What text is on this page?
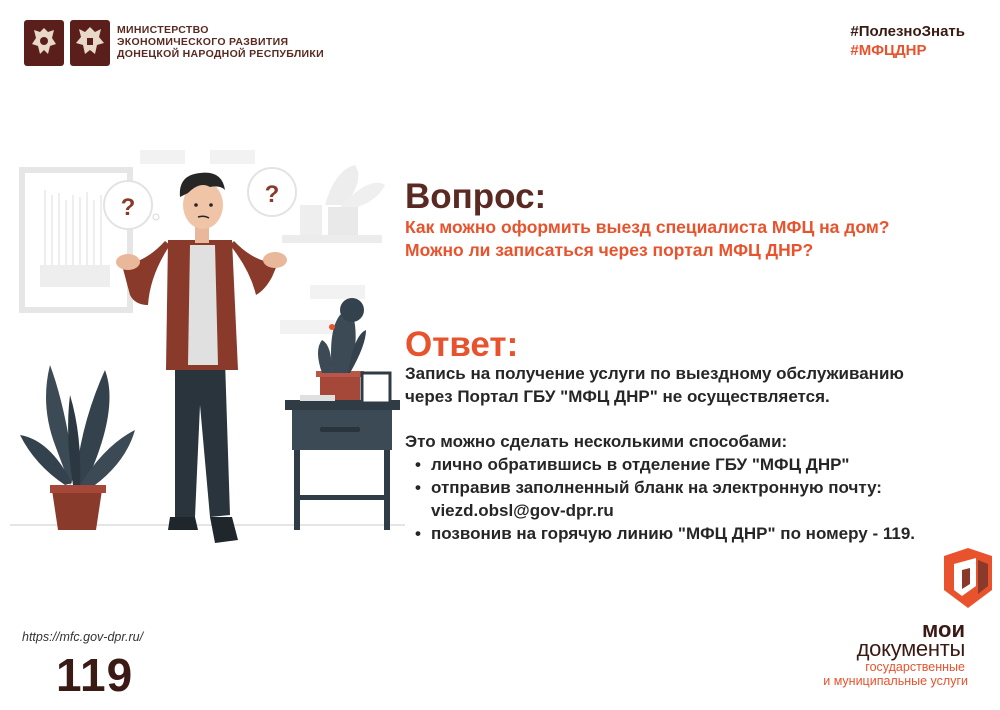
МИНИСТЕРСТВО
ЭКОНОМИЧЕСКОГО РАЗВИТИЯ
ДОНЕЦКОЙ НАРОДНОЙ РЕСПУБЛИКИ
#ПолезноЗнать
#МФЦДНР
?	?	Вопрос:
Как можно оформить выезд специалиста МФЦ на дом?
Можно ли записаться через портал МФЦ ДНР?
Ответ:
Запись на получение услуги по выездному обслуживанию
через Портал ГБУ "МФЦ ДНР" не осуществляется.
Это можно сделать несколькими способами:
• лично обратившись в отделение ГБУ "МФЦ ДНР"
• отправив заполненный бланк на электронную почту:
viezd.obsl@gov-dpr.ru
• позвонив на горячую линию "МФЦ ДНР" по номеру - 119.
https://mfc.gov-dpr.ru/
119
мои
документы
государственные
и муниципальные услуги
